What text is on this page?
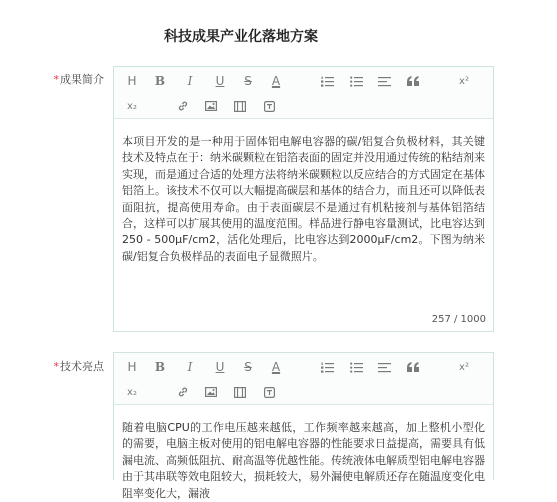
科技成果产业化落地方案
*成果简介	H	B	I	U	S	A	x²
x₂
本项目开发的是一种用于固体铝电解电容器的碳/铝复合负极材料，其关键技术及特点在于：纳米碳颗粒在铝箔表面的固定并没用通过传统的粘结剂来实现，而是通过合适的处理方法将纳米碳颗粒以反应结合的方式固定在基体铝箔上。该技术不仅可以大幅提高碳层和基体的结合力，而且还可以降低表面阻抗，提高使用寿命。由于表面碳层不是通过有机粘接剂与基体铝箔结合，这样可以扩展其使用的温度范围。样品进行静电容量测试，比电容达到250 - 500μF/cm2，活化处理后，比电容达到2000μF/cm2。下图为纳米碳/铝复合负极样品的表面电子显微照片。
257 / 1000
*技术亮点	H	B	I	U	S	A	x²
x₂
随着电脑CPU的工作电压越来越低，工作频率越来越高，加上整机小型化的需要，电脑主板对使用的铝电解电容器的性能要求日益提高，需要具有低漏电流、高频低阻抗、耐高温等优越性能。传统液体电解质型铝电解电容器由于其串联等效电阻较大，损耗较大，易外漏使电解质还存在随温度变化电阻率变化大，漏液
